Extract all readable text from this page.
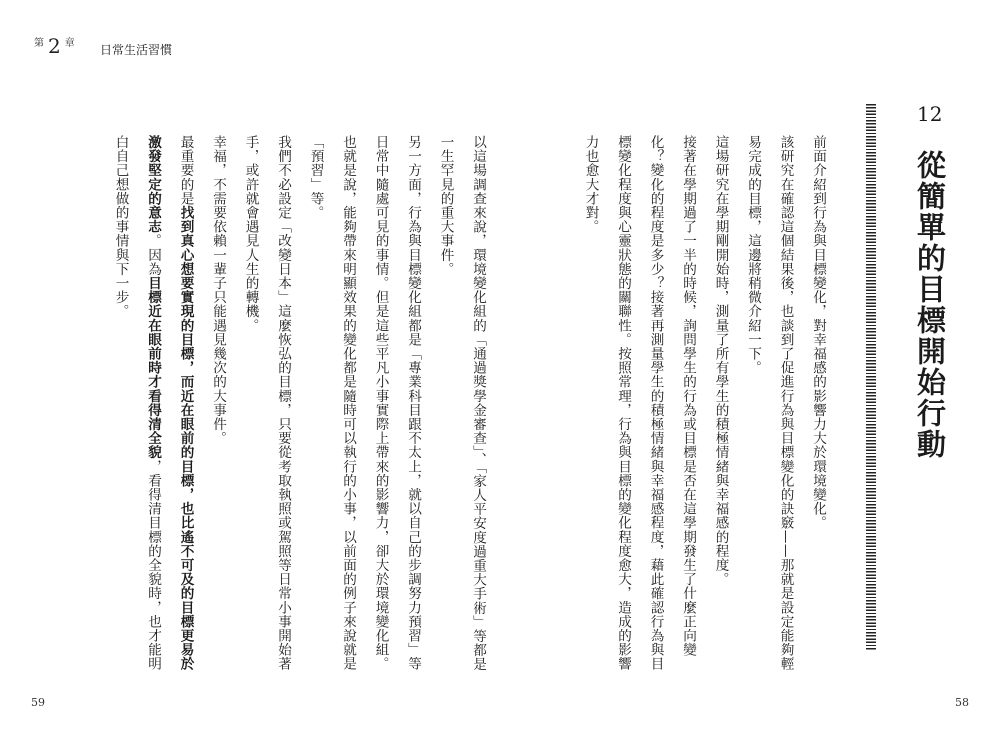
$^第$ 2 $^章$ 日常生活習慣
12
從簡單的目標開始行動
前面介紹到行為與目標變化，對幸福感的影響力大於環境變化。
該研究在確認這個結果後，也談到了促進行為與目標變化的訣竅——那就是設定能夠輕易完成的目標，這邊將稍微介紹一下。
這場研究在學期剛開始時，測量了所有學生的積極情緒與幸福感的程度。
接著在學期過了一半的時候，詢問學生的行為或目標是否在這學期發生了什麼正向變化？變化的程度是多少？接著再測量學生的積極情緒與幸福感程度，藉此確認行為與目標變化程度與心靈狀態的關聯性。按照常理，行為與目標的變化程度愈大，造成的影響力也愈大才對。
以這場調查來說，環境變化組的「通過獎學金審查」、「家人平安度過重大手術」等都是一生罕見的重大事件。
另一方面，行為與目標變化組都是「專業科目跟不太上，就以自己的步調努力預習」等日常中隨處可見的事情。但是這些平凡小事實際上帶來的影響力，卻大於環境變化組。
也就是說，能夠帶來明顯效果的變化都是隨時可以執行的小事，以前面的例子來說就是「預習」等。
我們不必設定「改變日本」這麼恢弘的目標，只要從考取執照或駕照等日常小事開始著手，或許就會遇見人生的轉機。
幸福，不需要依賴一輩子只能遇見幾次的大事件。
最重要的是找到真心想要實現的目標，而近在眼前的目標，也比遙不可及的目標更易於激發堅定的意志。因為目標近在眼前時才看得清全貌，看得清目標的全貌時，也才能明白自己想做的事情與下一步。
59	58
